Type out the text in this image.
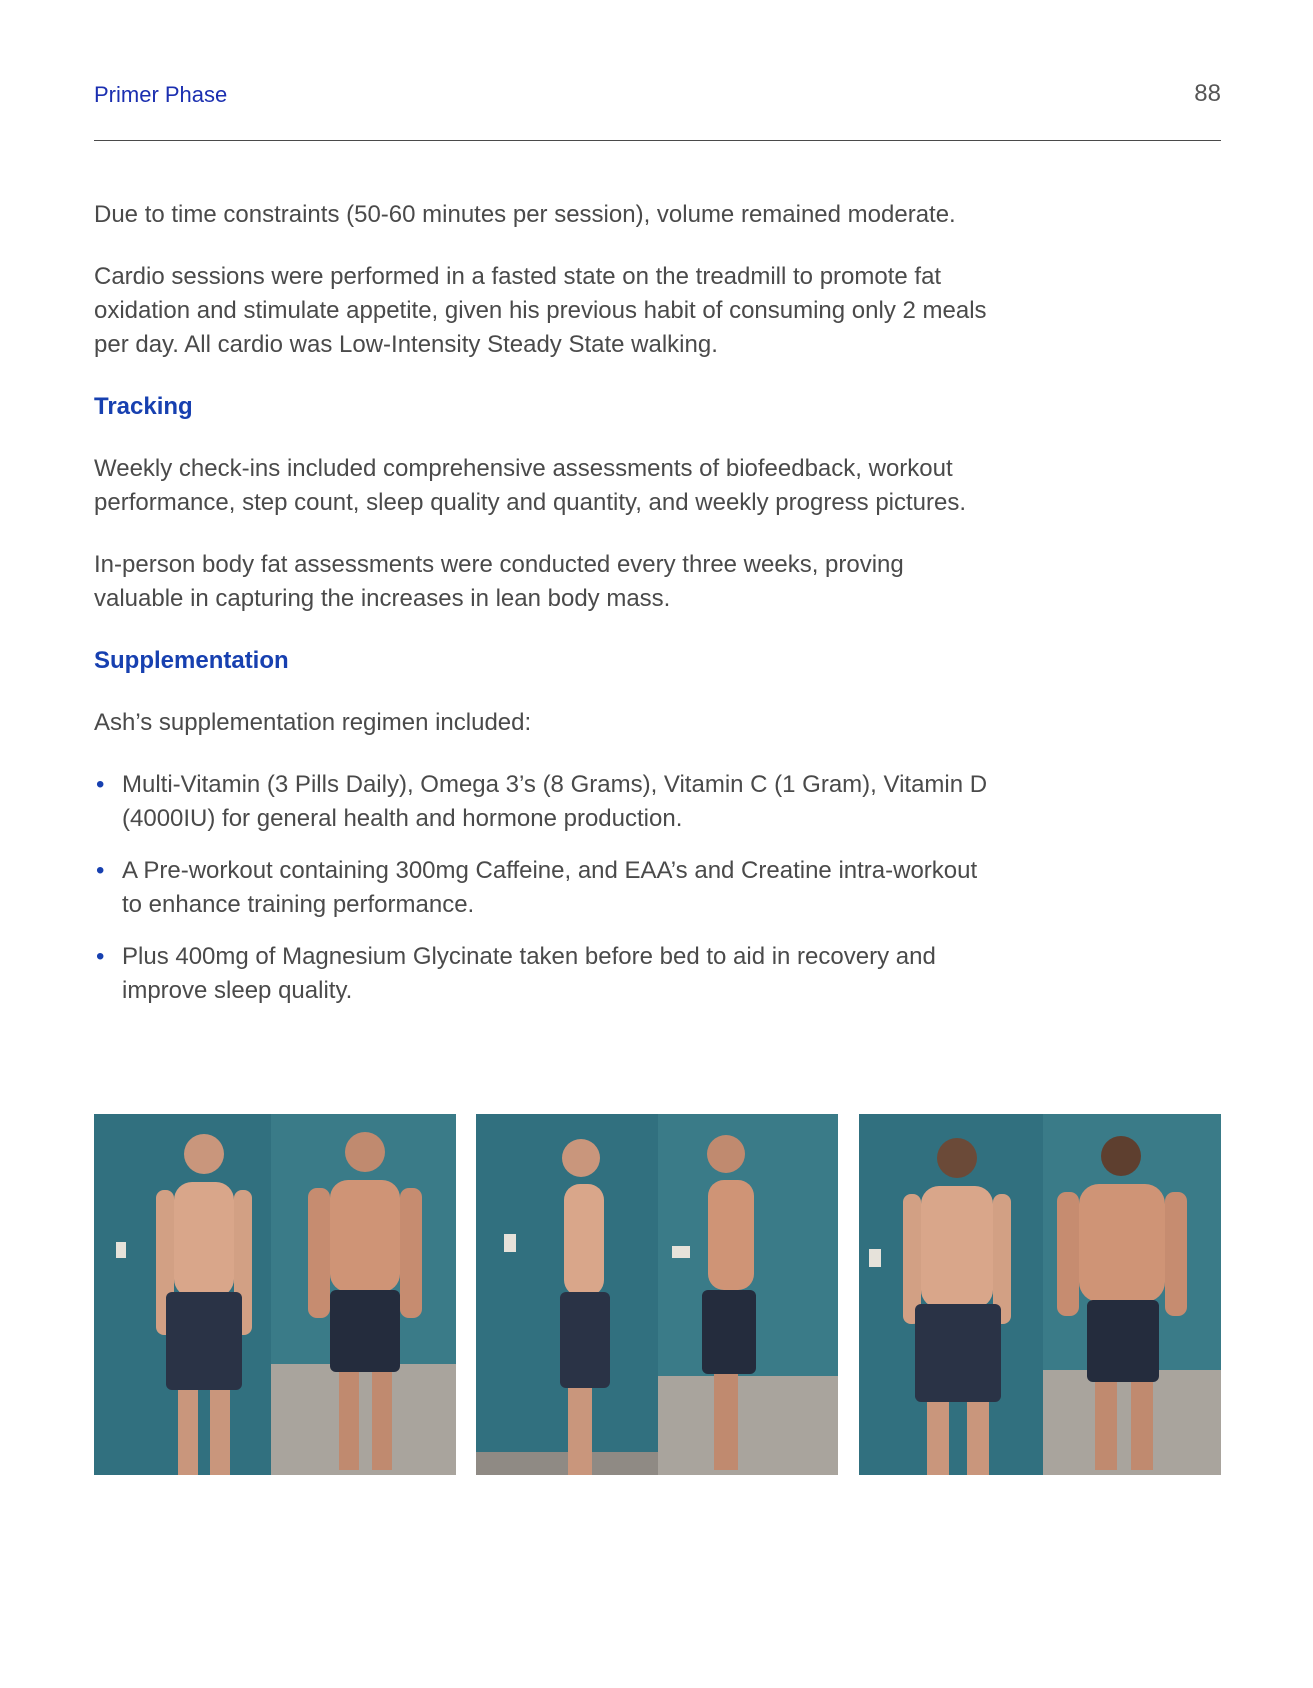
Primer Phase	88

Due to time constraints (50-60 minutes per session), volume remained moderate.

Cardio sessions were performed in a fasted state on the treadmill to promote fat oxidation and stimulate appetite, given his previous habit of consuming only 2 meals per day. All cardio was Low-Intensity Steady State walking.

Tracking

Weekly check-ins included comprehensive assessments of biofeedback, workout performance, step count, sleep quality and quantity, and weekly progress pictures.

In-person body fat assessments were conducted every three weeks, proving valuable in capturing the increases in lean body mass.

Supplementation

Ash’s supplementation regimen included:

• Multi-Vitamin (3 Pills Daily), Omega 3’s (8 Grams), Vitamin C (1 Gram), Vitamin D (4000IU) for general health and hormone production.
• A Pre-workout containing 300mg Caffeine, and EAA’s and Creatine intra-workout to enhance training performance.
• Plus 400mg of Magnesium Glycinate taken before bed to aid in recovery and improve sleep quality.
